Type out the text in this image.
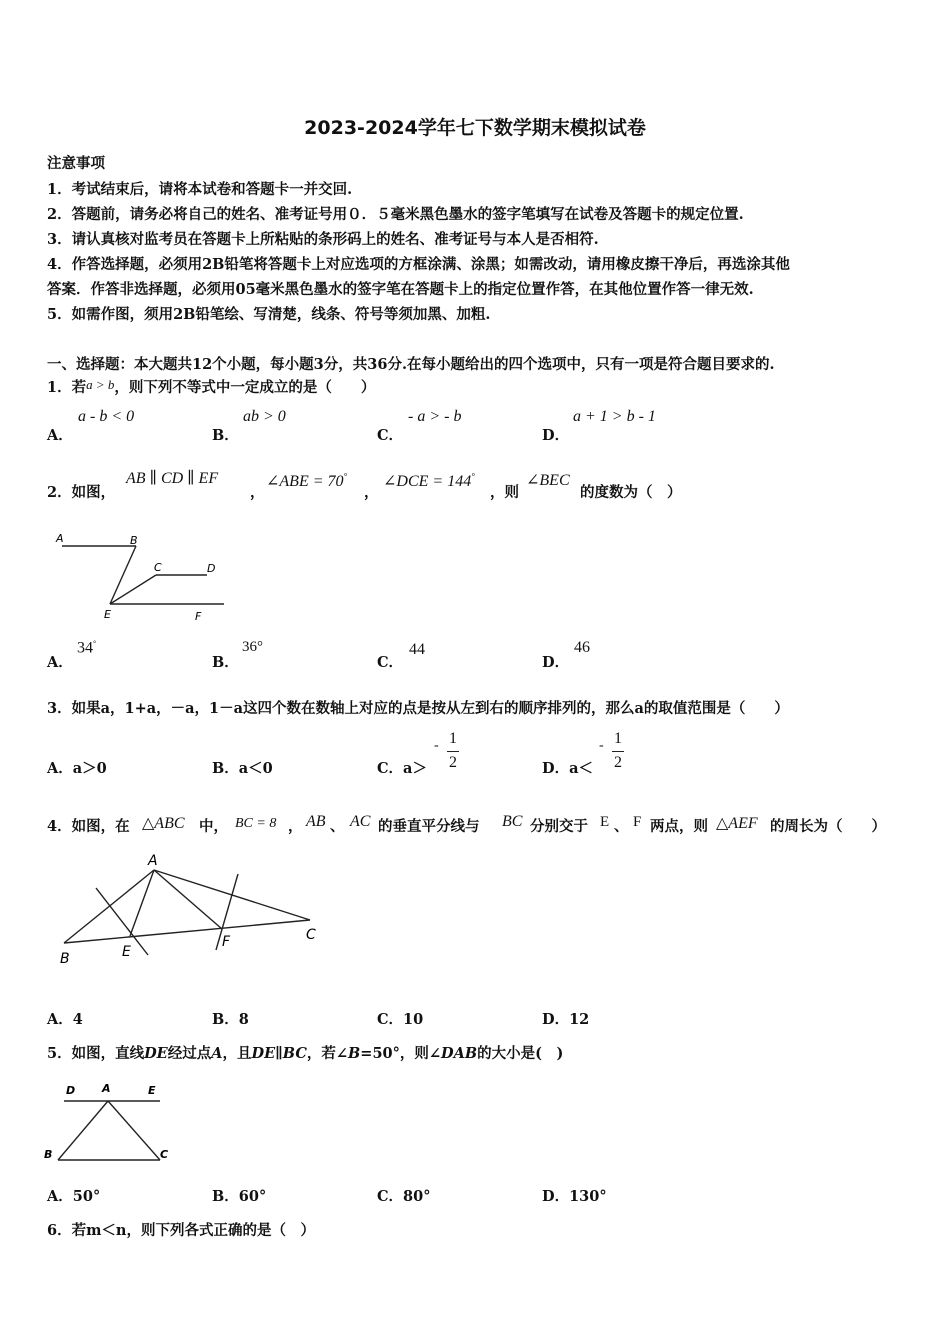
2023-2024学年七下数学期末模拟试卷
注意事项
1．考试结束后，请将本试卷和答题卡一并交回.
2．答题前，请务必将自己的姓名、准考证号用０．５毫米黑色墨水的签字笔填写在试卷及答题卡的规定位置.
3．请认真核对监考员在答题卡上所粘贴的条形码上的姓名、准考证号与本人是否相符.
4．作答选择题，必须用2B铅笔将答题卡上对应选项的方框涂满、涂黑；如需改动，请用橡皮擦干净后，再选涂其他
答案．作答非选择题，必须用05毫米黑色墨水的签字笔在答题卡上的指定位置作答，在其他位置作答一律无效.
5．如需作图，须用2B铅笔绘、写清楚，线条、符号等须加黑、加粗.
一、选择题：本大题共12个小题，每小题3分，共36分.在每小题给出的四个选项中，只有一项是符合题目要求的.
1．若a > b，则下列不等式中一定成立的是（　　）
A．
a - b < 0
B．
ab > 0
C．
- a > - b
D．
a + 1 > b - 1
2．如图，
AB ∥ CD ∥ EF
，
∠ABE = 70°
，
∠DCE = 144°
，则
∠BEC
的度数为（　）
A	B
C	D
E	F
A．
34°
B．
36°
C．
44
D．
46
3．如果a，1+a，－a，1－a这四个数在数轴上对应的点是按从左到右的顺序排列的，那么a的取值范围是（　　）
A．a＞0	B．a＜0	C．a＞
- 1
2	D．a＜
- 1
2
4．如图，在 △ABC 中， BC = 8 ， AB 、 AC 的垂直平分线与 BC 分别交于 E 、 F 两点，则 △AEF 的周长为（　　）
A
B	E
F	C
A．4	B．8	C．10	D．12
5．如图，直线DE经过点A，且DE∥BC，若∠B=50°，则∠DAB的大小是(　)
D A	E
B	C
A．50°	B．60°	C．80°	D．130°
6．若m＜n，则下列各式正确的是（　）
